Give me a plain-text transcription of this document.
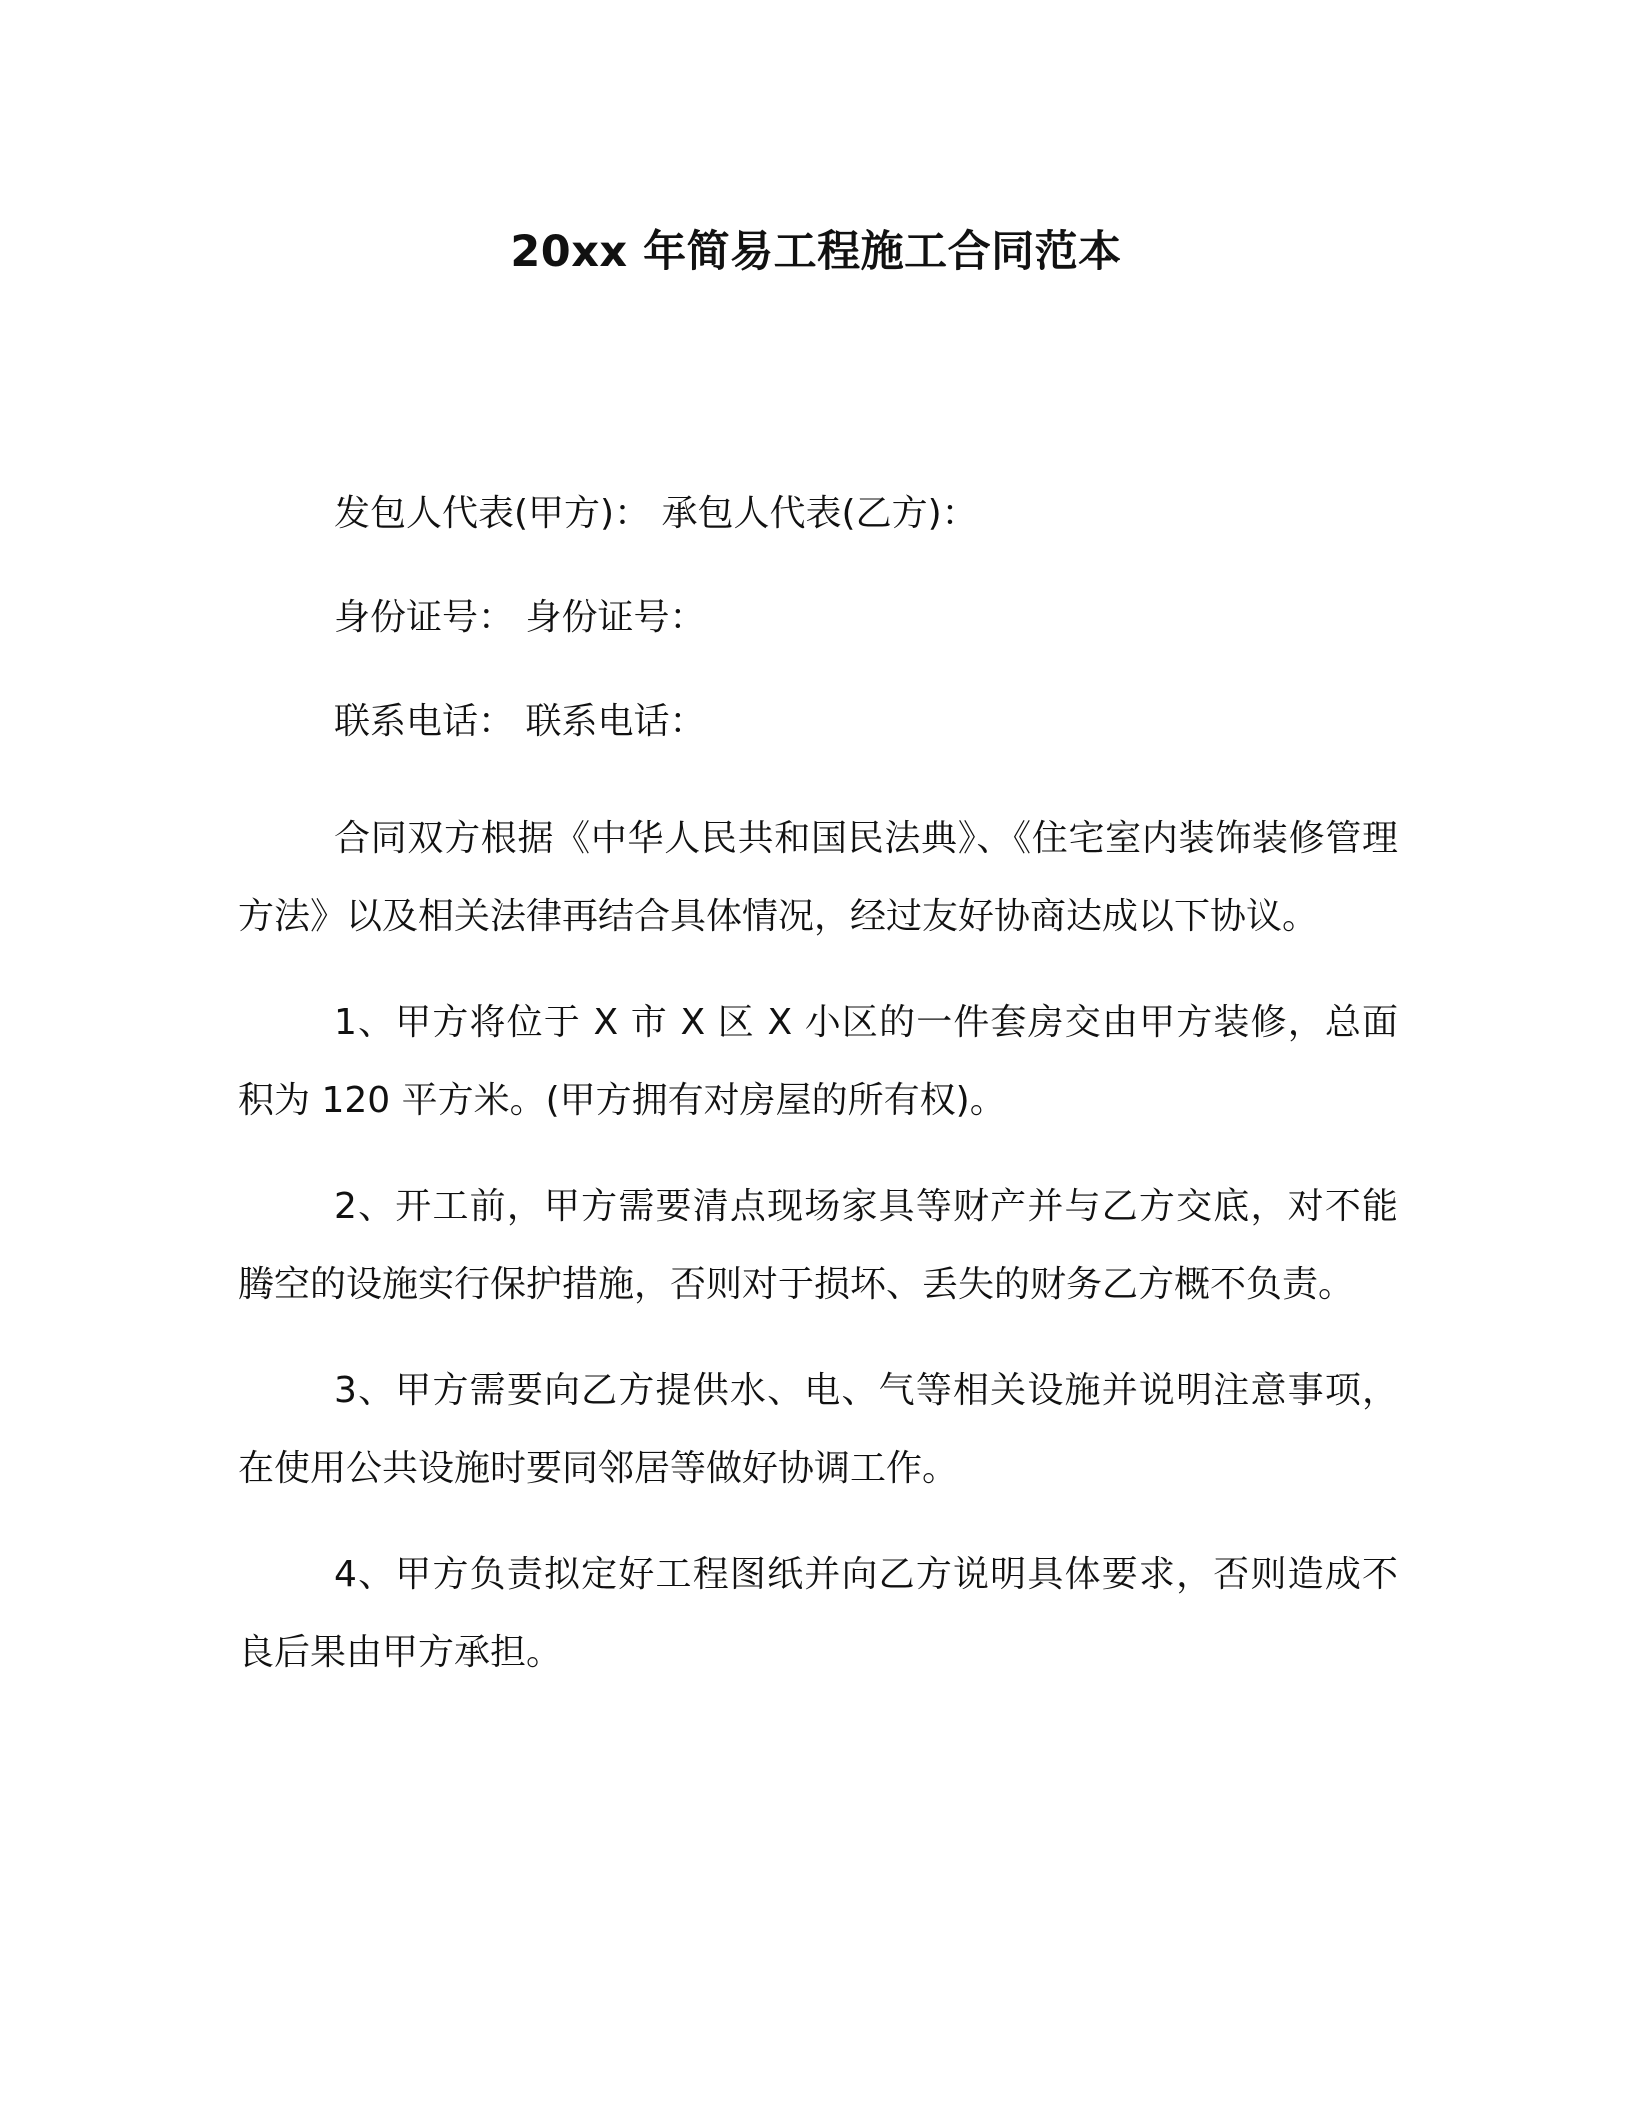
20xx 年简易工程施工合同范本
发包人代表(甲方)： 承包人代表(乙方)：
身份证号： 身份证号：
联系电话： 联系电话：

合同双方根据《中华人民共和国民法典》、《住宅室内装饰装修管理方法》以及相关法律再结合具体情况，经过友好协商达成以下协议。

1、甲方将位于 X 市 X 区 X 小区的一件套房交由甲方装修，总面积为 120 平方米。(甲方拥有对房屋的所有权)。

2、开工前，甲方需要清点现场家具等财产并与乙方交底，对不能腾空的设施实行保护措施，否则对于损坏、丢失的财务乙方概不负责。

3、甲方需要向乙方提供水、电、气等相关设施并说明注意事项，在使用公共设施时要同邻居等做好协调工作。

4、甲方负责拟定好工程图纸并向乙方说明具体要求，否则造成不良后果由甲方承担。
